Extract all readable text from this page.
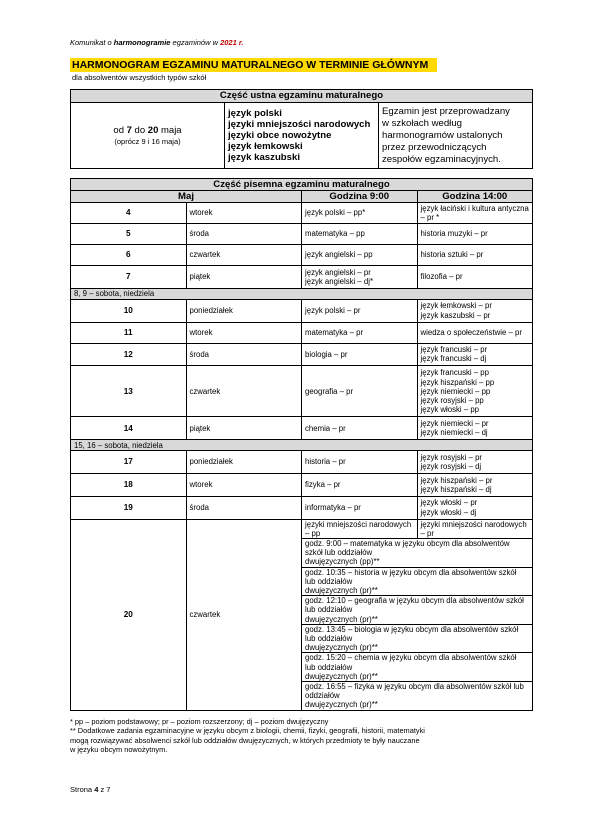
Komunikat o harmonogramie egzaminów w 2021 r.
HARMONOGRAM EGZAMINU MATURALNEGO W TERMINIE GŁÓWNYM
dla absolwentów wszystkich typów szkół
Część ustna egzaminu maturalnego

od 7 do 20 maja
(oprócz 9 i 16 maja)

język polski
języki mniejszości narodowych
języki obce nowożytne
język łemkowski
język kaszubski

Egzamin jest przeprowadzany
w szkołach według
harmonogramów ustalonych
przez przewodniczących
zespołów egzaminacyjnych.
Część pisemna egzaminu maturalnego			

Maj		Godzina 9:00	Godzina 14:00

4	wtorek	język polski – pp*	język łaciński i kultura antyczna – pr *

5	środa	matematyka – pp	historia muzyki – pr

6	czwartek	język angielski – pp	historia sztuki – pr

7	piątek	język angielski – pr
język angielski – dj*	filozofia – pr

8, 9 – sobota, niedziela			

10	poniedziałek	język polski – pr	język łemkowski – pr
język kaszubski – pr

11	wtorek	matematyka – pr	wiedza o społeczeństwie – pr

12	środa	biologia – pr	język francuski – pr
język francuski – dj

13	czwartek	geografia – pr	język francuski – pp
język hiszpański – pp
język niemiecki – pp
język rosyjski – pp
język włoski – pp

14	piątek	chemia – pr	język niemiecki – pr
język niemiecki – dj

15, 16 – sobota, niedziela			

17	poniedziałek	historia – pr	język rosyjski – pr
język rosyjski – dj

18	wtorek	fizyka – pr	język hiszpański – pr
język hiszpański – dj

19	środa	informatyka – pr	język włoski – pr
język włoski – dj

20	czwartek	języki mniejszości narodowych – pp	języki mniejszości narodowych – pr

		godz. 9:00 – matematyka w języku obcym dla absolwentów szkół lub oddziałów
dwujęzycznych (pp)**	

		godz. 10:35 – historia w języku obcym dla absolwentów szkół lub oddziałów
dwujęzycznych (pr)**	

		godz. 12:10 – geografia w języku obcym dla absolwentów szkół lub oddziałów
dwujęzycznych (pr)**	

		godz. 13:45 – biologia w języku obcym dla absolwentów szkół lub oddziałów
dwujęzycznych (pr)**	

		godz. 15:20 – chemia w języku obcym dla absolwentów szkół lub oddziałów
dwujęzycznych (pr)**	

		godz. 16:55 – fizyka w języku obcym dla absolwentów szkół lub oddziałów
dwujęzycznych (pr)**	
* pp – poziom podstawowy; pr – poziom rozszerzony; dj – poziom dwujęzyczny
** Dodatkowe zadania egzaminacyjne w języku obcym z biologii, chemii, fizyki, geografii, historii, matematyki
mogą rozwiązywać absolwenci szkół lub oddziałów dwujęzycznych, w których przedmioty te były nauczane
w języku obcym nowożytnym.
Strona 4 z 7
